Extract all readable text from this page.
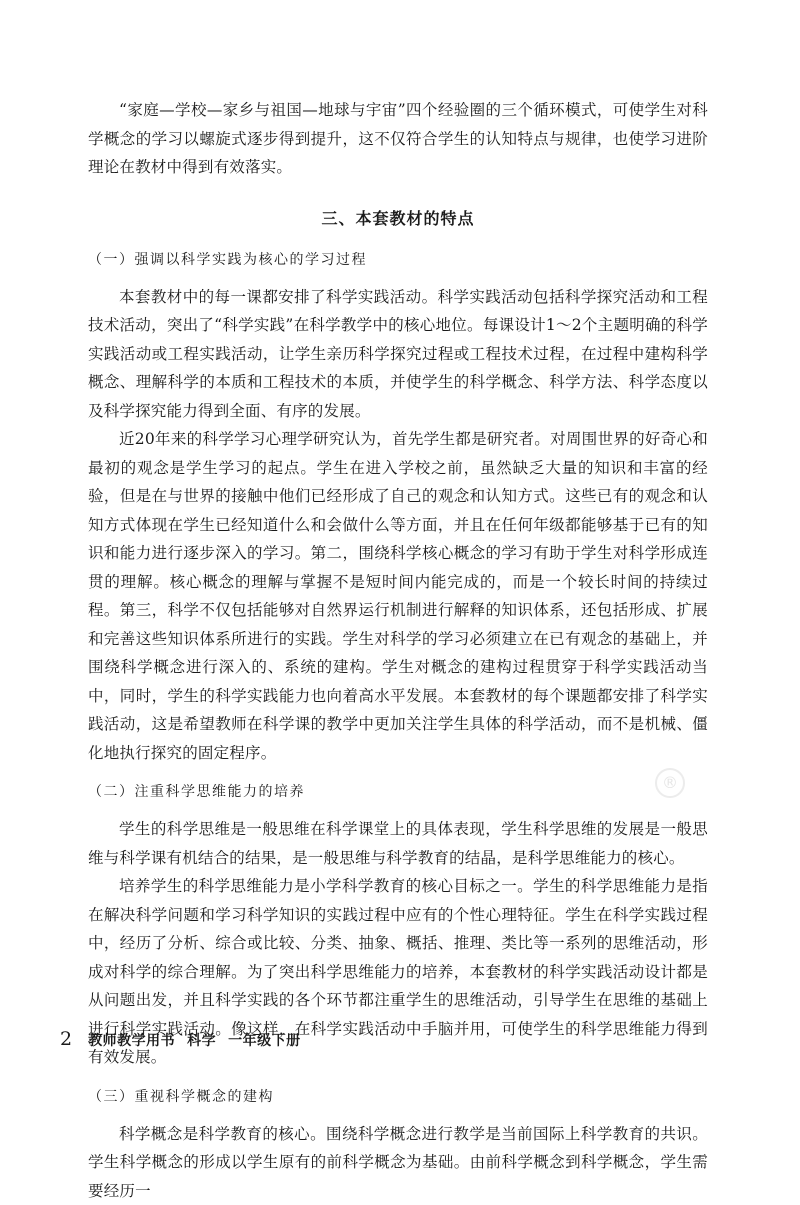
“家庭—学校—家乡与祖国—地球与宇宙”四个经验圈的三个循环模式，可使学生对科学概念的学习以螺旋式逐步得到提升，这不仅符合学生的认知特点与规律，也使学习进阶理论在教材中得到有效落实。

三、本套教材的特点
（一）强调以科学实践为核心的学习过程

本套教材中的每一课都安排了科学实践活动。科学实践活动包括科学探究活动和工程技术活动，突出了“科学实践”在科学教学中的核心地位。每课设计1～2个主题明确的科学实践活动或工程实践活动，让学生亲历科学探究过程或工程技术过程，在过程中建构科学概念、理解科学的本质和工程技术的本质，并使学生的科学概念、科学方法、科学态度以及科学探究能力得到全面、有序的发展。

近20年来的科学学习心理学研究认为，首先学生都是研究者。对周围世界的好奇心和最初的观念是学生学习的起点。学生在进入学校之前，虽然缺乏大量的知识和丰富的经验，但是在与世界的接触中他们已经形成了自己的观念和认知方式。这些已有的观念和认知方式体现在学生已经知道什么和会做什么等方面，并且在任何年级都能够基于已有的知识和能力进行逐步深入的学习。第二，围绕科学核心概念的学习有助于学生对科学形成连贯的理解。核心概念的理解与掌握不是短时间内能完成的，而是一个较长时间的持续过程。第三，科学不仅包括能够对自然界运行机制进行解释的知识体系，还包括形成、扩展和完善这些知识体系所进行的实践。学生对科学的学习必须建立在已有观念的基础上，并围绕科学概念进行深入的、系统的建构。学生对概念的建构过程贯穿于科学实践活动当中，同时，学生的科学实践能力也向着高水平发展。本套教材的每个课题都安排了科学实践活动，这是希望教师在科学课的教学中更加关注学生具体的科学活动，而不是机械、僵化地执行探究的固定程序。

（二）注重科学思维能力的培养

学生的科学思维是一般思维在科学课堂上的具体表现，学生科学思维的发展是一般思维与科学课有机结合的结果，是一般思维与科学教育的结晶，是科学思维能力的核心。

培养学生的科学思维能力是小学科学教育的核心目标之一。学生的科学思维能力是指在解决科学问题和学习科学知识的实践过程中应有的个性心理特征。学生在科学实践过程中，经历了分析、综合或比较、分类、抽象、概括、推理、类比等一系列的思维活动，形成对科学的综合理解。为了突出科学思维能力的培养，本套教材的科学实践活动设计都是从问题出发，并且科学实践的各个环节都注重学生的思维活动，引导学生在思维的基础上进行科学实践活动。像这样，在科学实践活动中手脑并用，可使学生的科学思维能力得到有效发展。

（三）重视科学概念的建构

科学概念是科学教育的核心。围绕科学概念进行教学是当前国际上科学教育的共识。学生科学概念的形成以学生原有的前科学概念为基础。由前科学概念到科学概念，学生需要经历一

®
2 教师教学用书 科学 一年级下册
